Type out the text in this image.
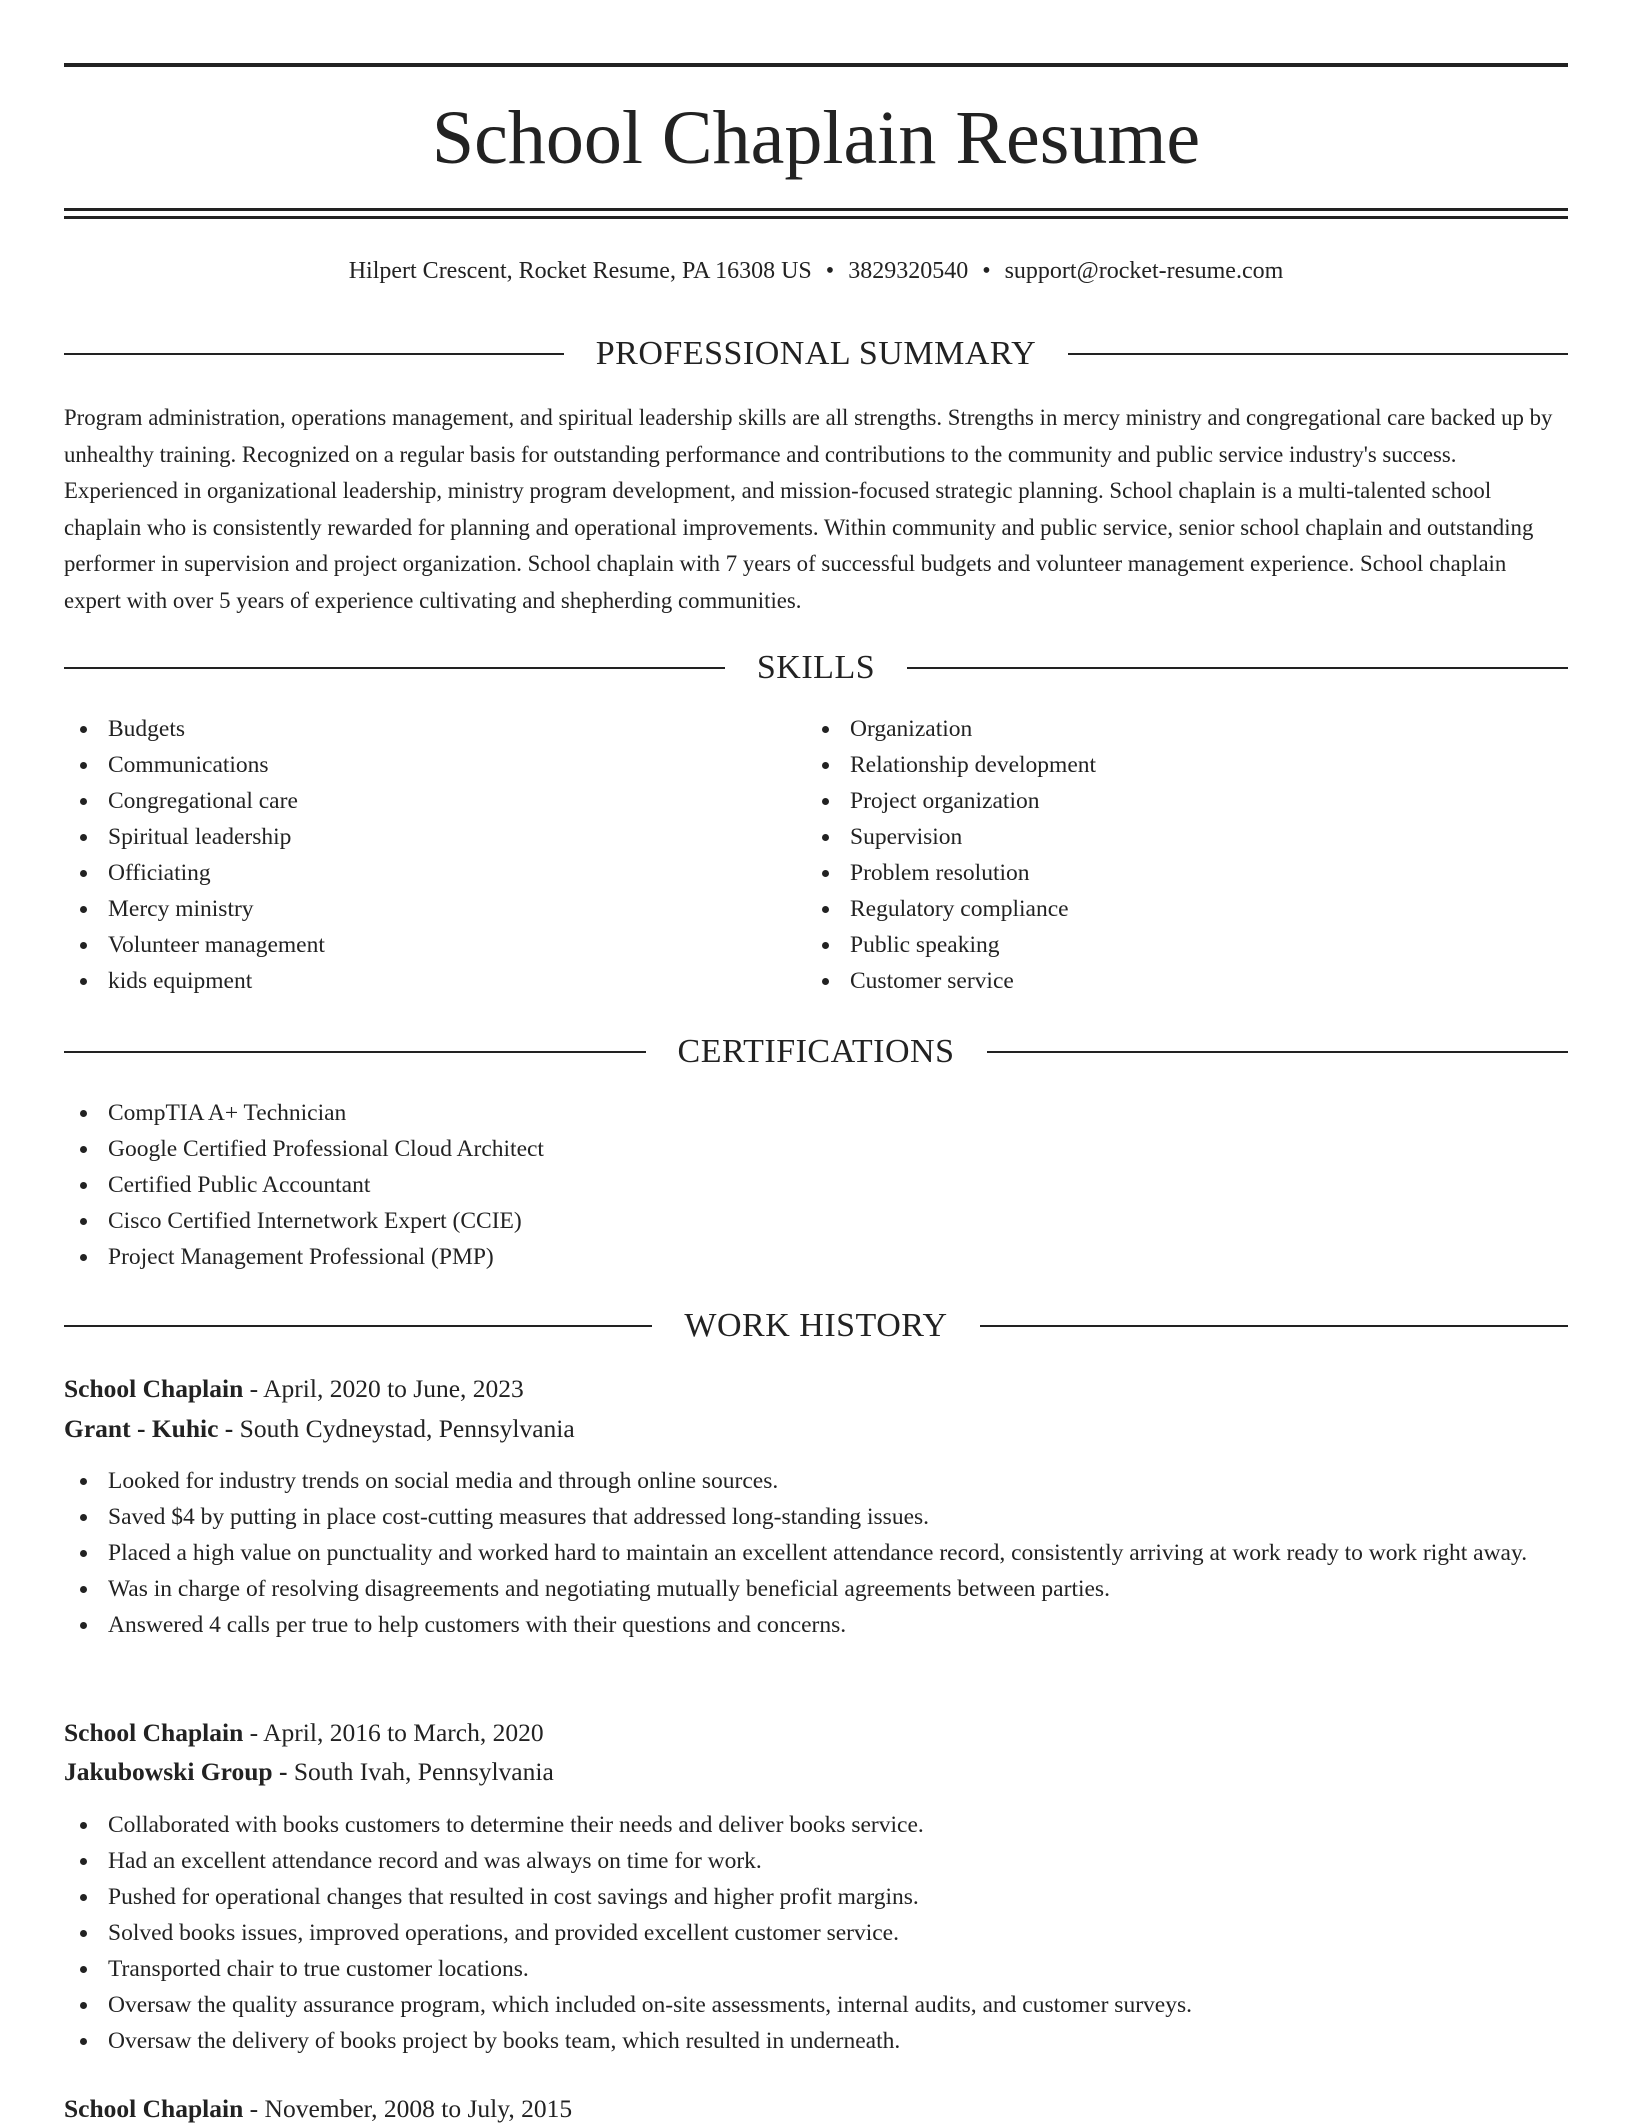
School Chaplain Resume
Hilpert Crescent, Rocket Resume, PA 16308 US • 3829320540 • support@rocket-resume.com
PROFESSIONAL SUMMARY

Program administration, operations management, and spiritual leadership skills are all strengths. Strengths in mercy ministry and congregational care backed up by unhealthy training. Recognized on a regular basis for outstanding performance and contributions to the community and public service industry's success. Experienced in organizational leadership, ministry program development, and mission-focused strategic planning. School chaplain is a multi-talented school chaplain who is consistently rewarded for planning and operational improvements. Within community and public service, senior school chaplain and outstanding performer in supervision and project organization. School chaplain with 7 years of successful budgets and volunteer management experience. School chaplain expert with over 5 years of experience cultivating and shepherding communities.

SKILLS
Budgets
Communications
Congregational care
Spiritual leadership
Officiating
Mercy ministry
Volunteer management
kids equipment
Organization
Relationship development
Project organization
Supervision
Problem resolution
Regulatory compliance
Public speaking
Customer service
CERTIFICATIONS
CompTIA A+ Technician
Google Certified Professional Cloud Architect
Certified Public Accountant
Cisco Certified Internetwork Expert (CCIE)
Project Management Professional (PMP)
WORK HISTORY
School Chaplain - April, 2020 to June, 2023
Grant - Kuhic - South Cydneystad, Pennsylvania
Looked for industry trends on social media and through online sources.
Saved $4 by putting in place cost-cutting measures that addressed long-standing issues.
Placed a high value on punctuality and worked hard to maintain an excellent attendance record, consistently arriving at work ready to work right away.
Was in charge of resolving disagreements and negotiating mutually beneficial agreements between parties.
Answered 4 calls per true to help customers with their questions and concerns.
School Chaplain - April, 2016 to March, 2020
Jakubowski Group - South Ivah, Pennsylvania
Collaborated with books customers to determine their needs and deliver books service.
Had an excellent attendance record and was always on time for work.
Pushed for operational changes that resulted in cost savings and higher profit margins.
Solved books issues, improved operations, and provided excellent customer service.
Transported chair to true customer locations.
Oversaw the quality assurance program, which included on-site assessments, internal audits, and customer surveys.
Oversaw the delivery of books project by books team, which resulted in underneath.
School Chaplain - November, 2008 to July, 2015
